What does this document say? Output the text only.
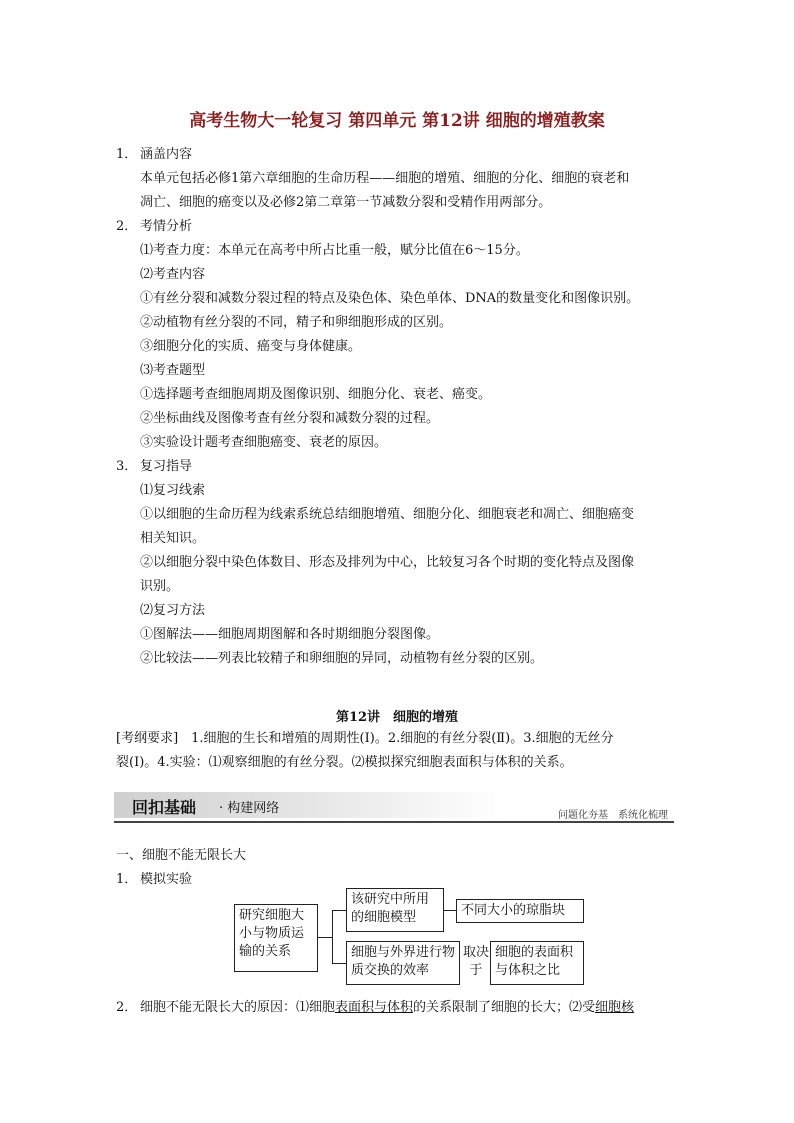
高考生物大一轮复习 第四单元 第12讲 细胞的增殖教案
1． 涵盖内容
本单元包括必修1第六章细胞的生命历程——细胞的增殖、细胞的分化、细胞的衰老和
凋亡、细胞的癌变以及必修2第二章第一节减数分裂和受精作用两部分。
2． 考情分析
⑴考查力度：本单元在高考中所占比重一般，赋分比值在6～15分。
⑵考查内容
①有丝分裂和减数分裂过程的特点及染色体、染色单体、DNA的数量变化和图像识别。
②动植物有丝分裂的不同，精子和卵细胞形成的区别。
③细胞分化的实质、癌变与身体健康。
⑶考查题型
①选择题考查细胞周期及图像识别、细胞分化、衰老、癌变。
②坐标曲线及图像考查有丝分裂和减数分裂的过程。
③实验设计题考查细胞癌变、衰老的原因。
3． 复习指导
⑴复习线索
①以细胞的生命历程为线索系统总结细胞增殖、细胞分化、细胞衰老和凋亡、细胞癌变
相关知识。
②以细胞分裂中染色体数目、形态及排列为中心，比较复习各个时期的变化特点及图像
识别。
⑵复习方法
①图解法——细胞周期图解和各时期细胞分裂图像。
②比较法——列表比较精子和卵细胞的异同，动植物有丝分裂的区别。
第12讲　细胞的增殖
[考纲要求]　1.细胞的生长和增殖的周期性(Ⅰ)。2.细胞的有丝分裂(Ⅱ)。3.细胞的无丝分
裂(Ⅰ)。4.实验：⑴观察细胞的有丝分裂。⑵模拟探究细胞表面积与体积的关系。
回扣基础 · 构建网络	问题化夯基　系统化梳理
一、细胞不能无限长大
1． 模拟实验
研究细胞大小与物质运输的关系
该研究中所用的细胞模型	不同大小的琼脂块
细胞与外界进行物质交换的效率
取决于
细胞的表面积与体积之比
2． 细胞不能无限长大的原因：⑴细胞表面积与体积的关系限制了细胞的长大；⑵受细胞核
